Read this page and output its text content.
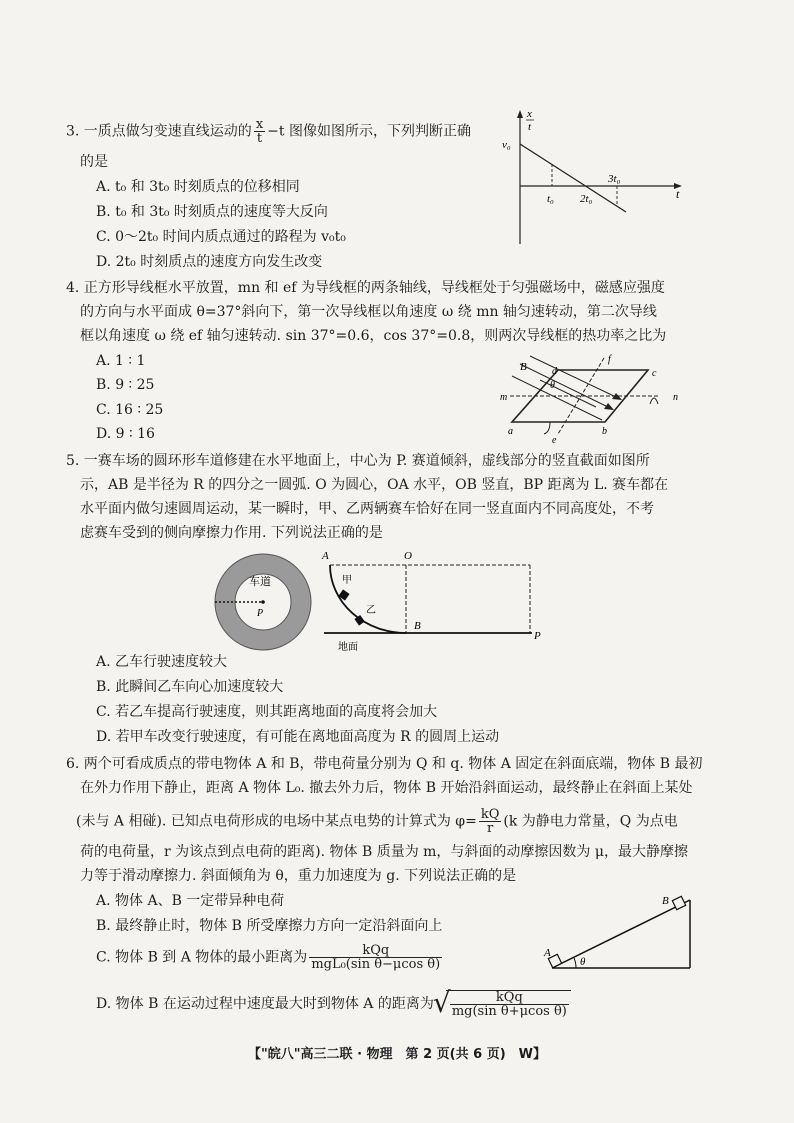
3. 一质点做匀变速直线运动的 $\frac{x}{t} -t$ 图像如图所示，下列判断正确
的是
A. t₀ 和 3t₀ 时刻质点的位移相同
B. t₀ 和 3t₀ 时刻质点的速度等大反向
C. 0～2t₀ 时间内质点通过的路程为 v₀t₀
D. 2t₀ 时刻质点的速度方向发生改变
x
t
v₀
t
t₀ 2t₀
3t₀
4. 正方形导线框水平放置，mn 和 ef 为导线框的两条轴线，导线框处于匀强磁场中，磁感应强度
的方向与水平面成 θ=37°斜向下，第一次导线框以角速度 ω 绕 mn 轴匀速转动，第二次导线
框以角速度 ω 绕 ef 轴匀速转动. sin 37°=0.6，cos 37°=0.8，则两次导线框的热功率之比为
A. 1 ∶ 1
B. 9 ∶ 25
C. 16 ∶ 25
D. 9 ∶ 16
B
θ
d	c
f
m	n
a	b
e
5. 一赛车场的圆环形车道修建在水平地面上，中心为 P. 赛道倾斜，虚线部分的竖直截面如图所
示，AB 是半径为 R 的四分之一圆弧. O 为圆心，OA 水平，OB 竖直，BP 距离为 L. 赛车都在
水平面内做匀速圆周运动，某一瞬时，甲、乙两辆赛车恰好在同一竖直面内不同高度处，不考
虑赛车受到的侧向摩擦力作用. 下列说法正确的是
车道
P
A	O
甲
乙
B
P
地面
A. 乙车行驶速度较大
B. 此瞬间乙车向心加速度较大
C. 若乙车提高行驶速度，则其距离地面的高度将会加大
D. 若甲车改变行驶速度，有可能在离地面高度为 R 的圆周上运动
6. 两个可看成质点的带电物体 A 和 B，带电荷量分别为 Q 和 q. 物体 A 固定在斜面底端，物体 B 最初
在外力作用下静止，距离 A 物体 L₀. 撤去外力后，物体 B 开始沿斜面运动，最终静止在斜面上某处
(未与 A 相碰). 已知点电荷形成的电场中某点电势的计算式为 $\varphi= \frac{kQ}{r} (k$ 为静电力常量，Q 为点电
荷的电荷量，r 为该点到点电荷的距离). 物体 B 质量为 m，与斜面的动摩擦因数为 μ，最大静摩擦
力等于滑动摩擦力. 斜面倾角为 θ，重力加速度为 g. 下列说法正确的是
A. 物体 A、B 一定带异种电荷
B. 最终静止时，物体 B 所受摩擦力方向一定沿斜面向上
C. 物体 B 到 A 物体的最小距离为 $\frac{\text{kQq}}{\text{mgL₀(sin θ−μcos θ)}}$
D. 物体 B 在运动过程中速度最大时到物体 A 的距离为
√ $\frac{\text{kQq}}{\text{mg(sin θ+μcos θ)}}$
A
B
θ
【"皖八"高三二联 · 物理　第 2 页(共 6 页)　W】
